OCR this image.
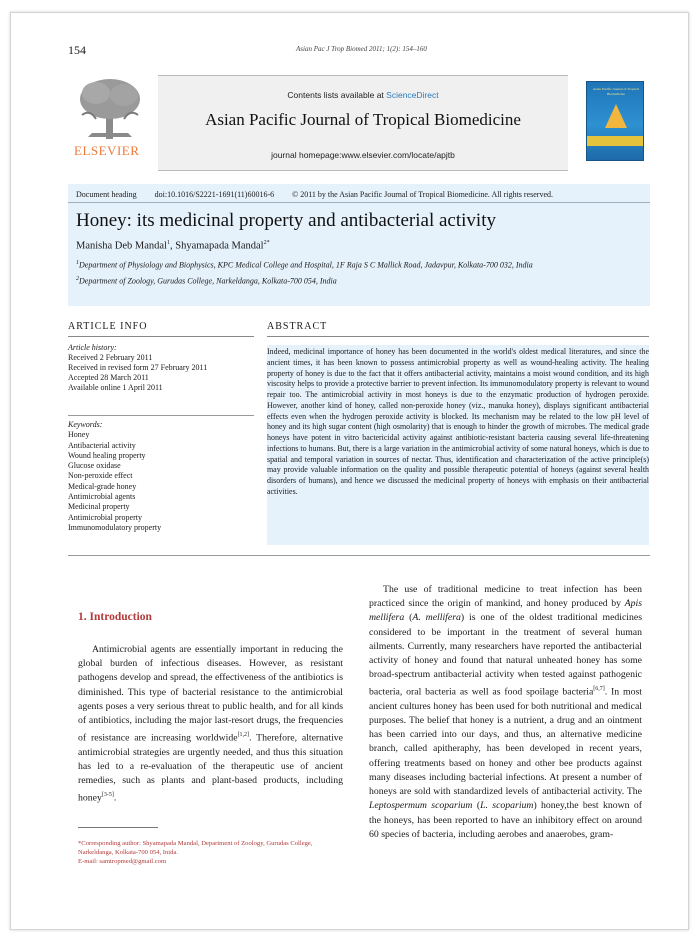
154	Asian Pac J Trop Biomed 2011; 1(2): 154–160
ELSEVIER
Contents lists available at ScienceDirect
Asian Pacific Journal of Tropical Biomedicine
journal homepage:www.elsevier.com/locate/apjtb
Asian Pacific Journal of Tropical Biomedicine
Document heading doi:10.1016/S2221-1691(11)60016-6 © 2011 by the Asian Pacific Journal of Tropical Biomedicine. All rights reserved.
Honey: its medicinal property and antibacterial activity
Manisha Deb Mandal$^1$, Shyamapada Mandal$^{2*}$
$^1$Department of Physiology and Biophysics, KPC Medical College and Hospital, 1F Raja S C Mallick Road, Jadavpur, Kolkata-700 032, India
$^2$Department of Zoology, Gurudas College, Narkeldanga, Kolkata-700 054, India
ARTICLE INFO	ABSTRACT
Article history:
Received 2 February 2011
Received in revised form 27 February 2011
Accepted 28 March 2011
Available online 1 April 2011
Keywords:
Honey
Antibacterial activity
Wound healing property
Glucose oxidase
Non-peroxide effect
Medical-grade honey
Antimicrobial agents
Medicinal property
Antimicrobial property
Immunomodulatory property
Indeed, medicinal importance of honey has been documented in the world's oldest medical literatures, and since the ancient times, it has been known to possess antimicrobial property as well as wound-healing activity. The healing property of honey is due to the fact that it offers antibacterial activity, maintains a moist wound condition, and its high viscosity helps to provide a protective barrier to prevent infection. Its immunomodulatory property is relevant to wound repair too. The antimicrobial activity in most honeys is due to the enzymatic production of hydrogen peroxide. However, another kind of honey, called non-peroxide honey (viz., manuka honey), displays significant antibacterial effects even when the hydrogen peroxide activity is blocked. Its mechanism may be related to the low pH level of honey and its high sugar content (high osmolarity) that is enough to hinder the growth of microbes. The medical grade honeys have potent in vitro bactericidal activity against antibiotic-resistant bacteria causing several life-threatening infections to humans. But, there is a large variation in the antimicrobial activity of some natural honeys, which is due to spatial and temporal variation in sources of nectar. Thus, identification and characterization of the active principle(s) may provide valuable information on the quality and possible therapeutic potential of honeys (against several health disorders of humans), and hence we discussed the medicinal property of honeys with emphasis on their antibacterial activities.
1. Introduction
Antimicrobial agents are essentially important in reducing the global burden of infectious diseases. However, as resistant pathogens develop and spread, the effectiveness of the antibiotics is diminished. This type of bacterial resistance to the antimicrobial agents poses a very serious threat to public health, and for all kinds of antibiotics, including the major last-resort drugs, the frequencies of resistance are increasing worldwide[1,2]. Therefore, alternative antimicrobial strategies are urgently needed, and thus this situation has led to a re-evaluation of the therapeutic use of ancient remedies, such as plants and plant-based products, including honey[3-5].
The use of traditional medicine to treat infection has been practiced since the origin of mankind, and honey produced by Apis mellifera (A. mellifera) is one of the oldest traditional medicines considered to be important in the treatment of several human ailments. Currently, many researchers have reported the antibacterial activity of honey and found that natural unheated honey has some broad-spectrum antibacterial activity when tested against pathogenic bacteria, oral bacteria as well as food spoilage bacteria[6,7]. In most ancient cultures honey has been used for both nutritional and medical purposes. The belief that honey is a nutrient, a drug and an ointment has been carried into our days, and thus, an alternative medicine branch, called apitheraphy, has been developed in recent years, offering treatments based on honey and other bee products against many diseases including bacterial infections. At present a number of honeys are sold with standardized levels of antibacterial activity. The Leptospermum scoparium (L. scoparium) honey,the best known of the honeys, has been reported to have an inhibitory effect on around 60 species of bacteria, including aerobes and anaerobes, gram-
*Corresponding author: Shyamapada Mandal, Department of Zoology, Gurudas College, Narkeldanga, Kolkata-700 054, Inida.
E-mail: samtropmed@gmail.com
